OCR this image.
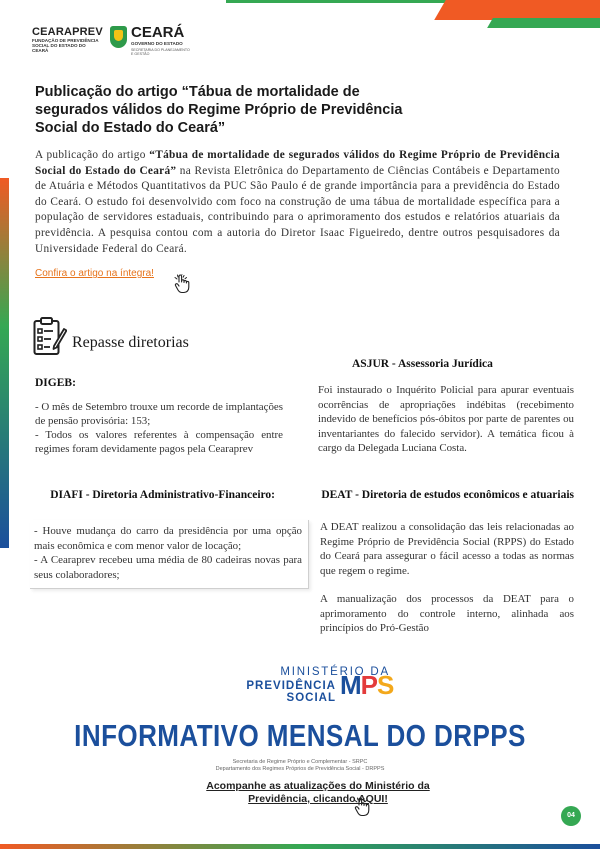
CEARAPREV
FUNDAÇÃO DE PREVIDÊNCIA SOCIAL DO ESTADO DO CEARÁ
CEARÁ
GOVERNO DO ESTADO
SECRETARIA DO PLANEJAMENTO E GESTÃO
Publicação do artigo “Tábua de mortalidade de segurados válidos do Regime Próprio de Previdência Social do Estado do Ceará”
A publicação do artigo “Tábua de mortalidade de segurados válidos do Regime Próprio de Previdência Social do Estado do Ceará” na Revista Eletrônica do Departamento de Ciências Contábeis e Departamento de Atuária e Métodos Quantitativos da PUC São Paulo é de grande importância para a previdência do Estado do Ceará. O estudo foi desenvolvido com foco na construção de uma tábua de mortalidade específica para a população de servidores estaduais, contribuindo para o aprimoramento dos estudos e relatórios atuariais da previdência. A pesquisa contou com a autoria do Diretor Isaac Figueiredo, dentre outros pesquisadores da Universidade Federal do Ceará.
Confira o artigo na íntegra!
Repasse diretorias
ASJUR - Assessoria Jurídica
Foi instaurado o Inquérito Policial para apurar eventuais ocorrências de apropriações indébitas (recebimento indevido de benefícios pós-óbitos por parte de parentes ou inventariantes do falecido servidor). A temática ficou à cargo da Delegada Luciana Costa.
DIGEB:
- O mês de Setembro trouxe um recorde de implantações de pensão provisória: 153;
- Todos os valores referentes à compensação entre regimes foram devidamente pagos pela Cearaprev
DIAFI - Diretoria Administrativo-Financeiro:
- Houve mudança do carro da presidência por uma opção mais econômica e com menor valor de locação;
- A Cearaprev recebeu uma média de 80 cadeiras novas para seus colaboradores;
DEAT - Diretoria de estudos econômicos e atuariais

A DEAT realizou a consolidação das leis relacionadas ao Regime Próprio de Previdência Social (RPPS) do Estado do Ceará para assegurar o fácil acesso a todas as normas que regem o regime.

A manualização dos processos da DEAT para o aprimoramento do controle interno, alinhada aos princípios do Pró-Gestão

MINISTÉRIO DA
PREVIDÊNCIA SOCIAL MPS
INFORMATIVO MENSAL DO DRPPS
Secretaria de Regime Próprio e Complementar - SRPC
Departamento dos Regimes Próprios de Previdência Social - DRPPS
Acompanhe as atualizações do Ministério da Previdência, clicando AQUI!
04
